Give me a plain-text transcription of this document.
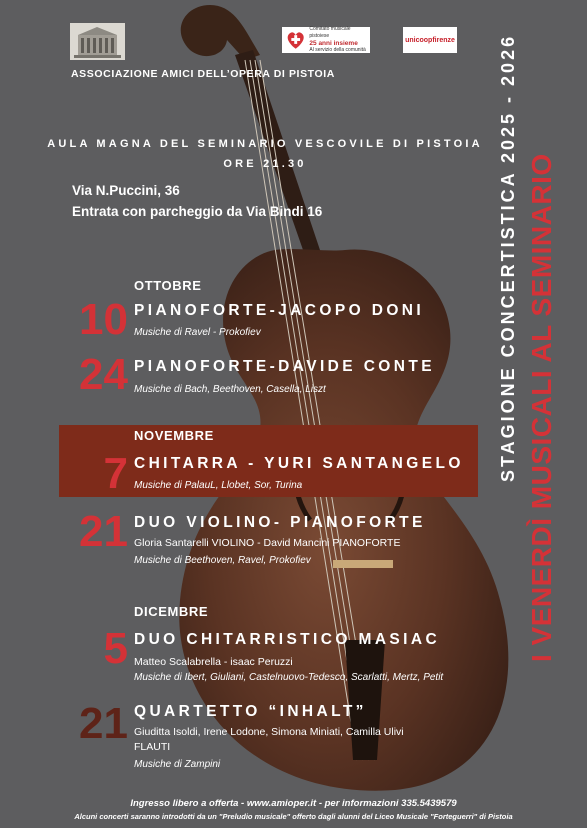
Comitato musicale pistoiese
25 anni insieme
Al servizio della comunità
unicoopfirenze
ASSOCIAZIONE AMICI DELL’OPERA DI PISTOIA
AULA MAGNA DEL SEMINARIO VESCOVILE DI PISTOIA
ORE 21.30
Via N.Puccini, 36
Entrata con parcheggio da Via Bindi 16	STAGIONE CONCERTISTICA 2025 - 2026 I VENERDÌ MUSICALI AL SEMINARIO
OTTOBRE
10 PIANOFORTE-JACOPO DONI
Musiche di Ravel - Prokofiev
24 PIANOFORTE-DAVIDE CONTE
Musiche di Bach, Beethoven, Casella, Liszt
NOVEMBRE
7 CHITARRA - YURI SANTANGELO
Musiche di PalauL, Llobet, Sor, Turina
21 DUO VIOLINO- PIANOFORTE
Gloria Santarelli VIOLINO - David Mancini PIANOFORTE
Musiche di Beethoven, Ravel, Prokofiev
DICEMBRE
5 DUO CHITARRISTICO MASIAC
Matteo Scalabrella - isaac Peruzzi
Musiche di Ibert, Giuliani, Castelnuovo-Tedesco, Scarlatti, Mertz, Petit
21 QUARTETTO “INHALT”
Giuditta Isoldi, Irene Lodone, Simona Miniati, Camilla Ulivi
FLAUTI
Musiche di Zampini
Ingresso libero a offerta - www.amioper.it - per informazioni 335.5439579
Alcuni concerti saranno introdotti da un "Preludio musicale" offerto dagli alunni del Liceo Musicale "Forteguerri" di Pistoia
